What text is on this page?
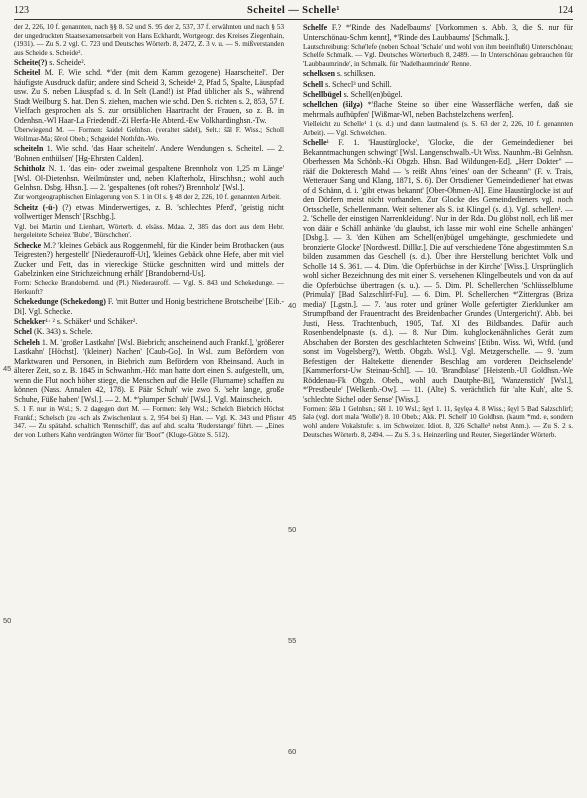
123	Scheitel — Schelle¹	124

der 2, 226, 10 f. genannten, nach §§ 8. 52 und S. 95 der 2, 537, 37 f. erwähnten und nach § 53 der ungedruckten Staatsexamensarbeit von Hans Eckhardt, Wortgeogr. des Kreises Ziegenhain, (1931). — Zu S. 2 vgl. C. 723 und Deutsches Wörterb. 8, 2472, Z. 3 v. u. — S. mißverstanden aus Scheide s. Scheide².

Scheite(?) s. Scheide².

Scheitel M. F. Wie schd. *'der (mit dem Kamm gezogene) Haarscheitel'. Der häufigste Ausdruck dafür; andere sind Scheid 3, Scheide¹ 2, Pfad 5, Spalte, Läuspfad usw. Zu S. neben Läuspfad s. d. In Selt (Land!) ist Pfad üblicher als S., während Stadt Weilburg S. hat. Den S. ziehen, machen wie schd. Den S. richten s. 2, 853, 57 f. Vielfach gesprochen als S. zur ortsüblichen Haartracht der Frauen, so z. B. in Odenhsn.-Wl Haar-La Friedendf.-Zi Herfa-He Abterd.-Ew Volkhardinghsn.-Tw.

Überwiegend M. — Formen: šaidel Gelnhsn. (veraltet sädel), Selt.: šāl F. Wiss.; Scholl Wollmar-Ma; šērol Obeb.; Schgeidel Nothfdn.-Wo.

scheiteln 1. Wie schd. 'das Haar scheiteln'. Andere Wendungen s. Scheitel. — 2. 'Bohnen enthülsen' [Hg-Ehrsten Calden].

Schitholz N. 1. 'das ein- oder zweimal gespaltene Brennholz von 1,25 m Länge' [Wsl. Ol-Dietenhsn. Weilmünster und, neben Klafterholz, Hirschhsn.; wohl auch Gelnhsn. Dsbg. Hhsn.]. — 2. 'gespaltenes (oft rohes?) Brennholz' [Wsl.].

Zur wortgeographischen Einlagerung von S. 1 in Ol s. § 48 der 2, 226, 10 f. genannten Arbeit.

Scheitz (-ü-) (?) etwas Minderwertiges, z. B. 'schlechtes Pferd', 'geistig nicht vollwertiger Mensch' [Rschbg.].

Vgl. bei Martin und Lienhart, Wörterb. d. elsäss. Mdaa. 2, 385 das dort aus dem Hebr. hergeleitete Scheiez 'Bube', 'Bürschchen'.

Schecke M.? 'kleines Gebäck aus Roggenmehl, für die Kinder beim Brotbacken (aus Teigresten?) hergestellt' [Niederauroff-Ut], 'kleines Gebäck ohne Hefe, aber mit viel Zucker und Fett, das in viereckige Stücke geschnitten wird und mittels der Gabelzinken eine Strichzeichnung erhält' [Brandobernd-Us].

Form: Schecke Brandobernd. und (Pl.) Niederauroff. — Vgl. S. 843 und Schekedunge. — Herkunft?

Schekedunge (Schekedong) F. 'mit Butter und Honig bestrichene Brotscheibe' [Eib.-Di]. Vgl. Schecke.

Schekker¹· ² s. Schäker¹ und Schäker².

Schel (K. 343) s. Schele.

Scheleh 1. M. 'großer Lastkahn' [Wsl. Biebrich; anscheinend auch Frankf.], 'größerer Lastkahn' [Höchst]. '(kleiner) Nachen' [Caub-Go]. In Wsl. zum Befördern von Marktwaren und Personen, in Biebrich zum Befördern von Rheinsand. Auch in älterer Zeit, so z. B. 1845 in Schwanhm.-Hö: man hatte dort einen S. aufgestellt, um, wenn die Flut noch höher stiege, die Menschen auf die Helle (Flurname) schaffen zu können (Nass. Annalen 42, 178). E Päär Schuh' wie zwo S. 'sehr lange, große Schuhe, Füße haben' [Wsl.]. — 2. M. *'plumper Schuh' [Wsl.]. Vgl. Mainscheich.

S. 1 F. nur in Wsl.; S. 2 dagegen dort M. — Formen: šelγ Wsl.; Schelch Biebrich Höchst Frankf.; Schelsch (zu -sch als Zwischenlaut s. 2, 954 bei š) Han. — Vgl. K. 343 und Pfister 347. — Zu spätahd. schaltich 'Rennschiff', das auf ahd. scalta 'Ruderstange' führt. — „Eines der von Luthers Kahn verdrängten Wörter für 'Boot'" (Kluge-Götze S. 512).

Schelfe F.? *'Rinde des Nadelbaums' [Vorkommen s. Abb. 3, die S. nur für Unterschönau-Schm kennt], *'Rinde des Laubbaums' [Schmalk.].

Lautschreibung: Schø'lefe (neben Schoal 'Schale' und wohl von ihm beeinflußt) Unterschönau; Schelfe Schmalk. — Vgl. Deutsches Wörterbuch 8, 2489. — In Unterschönau gebrauchen für 'Laubbaumrinde', in Schmalk. für 'Nadelbaumrinde' Renne.

schelksen s. schilksen.

Schell s. Schecl³ und Schill.

Schellbügel s. Schell(en)bügel.

schellchen (šilχə) *'flache Steine so über eine Wasserfläche werfen, daß sie mehrmals aufhüpfen' [Wißmar-Wl, neben Bachstelzchens werfen].

Vielleicht zu Schelle¹ 1 (s. d.) und dann lautmalend (s. S. 63 der 2, 226, 10 f. genannten Arbeit). — Vgl. Schwelchen.

Schelle¹ F. 1. 'Haustürglocke', 'Glocke, die der Gemeindediener bei Bekanntmachungen schwingt' [Wsl. Langenschwalb.-Ut Wiss. Naunhm.-Bi Gelnhsn. Oberhessen Ma Schönb.-Ki Obgzb. Hhsn. Bad Wildungen-Ed]. „Herr Dokter" — rääf die Dokteresch Mahd — 's reißt Ahns 'eines' oan der Scheann" (F. v. Trais, Wetterauer Sang und Klang, 1871, S. 6). Der Ortsdiener 'Gemeindediener' hat etwas of d Schänn, d. i. 'gibt etwas bekannt' [Ober-Ohmen-Al]. Eine Haustürglocke ist auf den Dörfern meist nicht vorhanden. Zur Glocke des Gemeindedieners vgl. noch Ortsschelle, Schellenmann. Weit seltener als S. ist Klingel (s. d.). Vgl. schellen¹. — 2. 'Schelle der einstigen Narrenkleidung'. Nur in der Rda. Du glöbst noll, ech liß mer von däär e Schäll anhänke 'du glaubst, ich lasse mir wohl eine Schelle anhängen' [Dsbg.]. — 3. 'den Kühen am Schell(en)bügel umgehängte, geschmiedete und bronzierte Glocke' [Nordwestl. Dillkr.]. Die auf verschiedene Töne abgestimmten S.n bilden zusammen das Geschell (s. d.). Über ihre Herstellung berichtet Volk und Scholle 14 S. 361. — 4. Dim. 'die Opferbüchse in der Kirche' [Wiss.]. Ursprünglich wohl sicher Bezeichnung des mit einer S. versehenen Klingelbeutels und von da auf die Opferbüchse übertragen (s. u.). — 5. Dim. Pl. Schellerchen 'Schlüsselblume (Primula)' [Bad Salzschlirf-Fu]. — 6. Dim. Pl. Schellerchen *'Zittergras (Briza media)' [Lgstn.]. — 7. 'aus roter und grüner Wolle gefertigter Zierklunker am Strumpfband der Frauentracht des Breidenbacher Grundes (Untergericht)'. Abb. bei Justi, Hess. Trachtenbuch, 1905, Taf. XI des Bildbandes. Dafür auch Rosenbendelpnaste (s. d.). — 8. Nur Dim. kuhglockenähnliches Gerät zum Abschaben der Borsten des geschlachteten Schweins' [Etibn. Wiss. Wi, Wtfd. (und sonst im Vogelsberg?), Wettb. Obgzb. Wsl.]. Vgl. Metzgerschelle. — 9. 'zum Befestigen der Haltekette dienender Beschlag am vorderen Deichselende' [Kammerforst-Uw Steinau-Schl]. — 10. 'Brandblase' [Heistenb.-Ul Goldhsn.-We Röddenau-Fk Obgzb. Obeb., wohl auch Dautphe-Bi], 'Wanzenstich' [Wsl.], *'Prestbeule' [Welkenb.-Ow]. — 11. (Alte) S. verächtlich für 'alte Kuh', alte S. 'schlechte Sichel oder Sense' [Wiss.].

Formen: šēlə 1 Gelnhsn.; šēl 1. 10 Wsl.; šęyl 1. 11, šęylęə 4. 8 Wiss.; šęyl 5 Bad Salzschlirf; šalə (vgl. dort mala 'Wolle') 8. 10 Obeb.; Akk. Pl. Schell' 10 Goldhsn. (kaum *md. e, sondern wohl andere Vokalstufe: s. im Schweizer. Idiot. 8, 326 Schalle³ nebst Anm.). — Zu S. 2 s. Deutsches Wörterb. 8, 2494. — Zu S. 3 s. Heinzerling und Reuter, Siegerländer Wörterb.

45
50
40
45
50
55
60
